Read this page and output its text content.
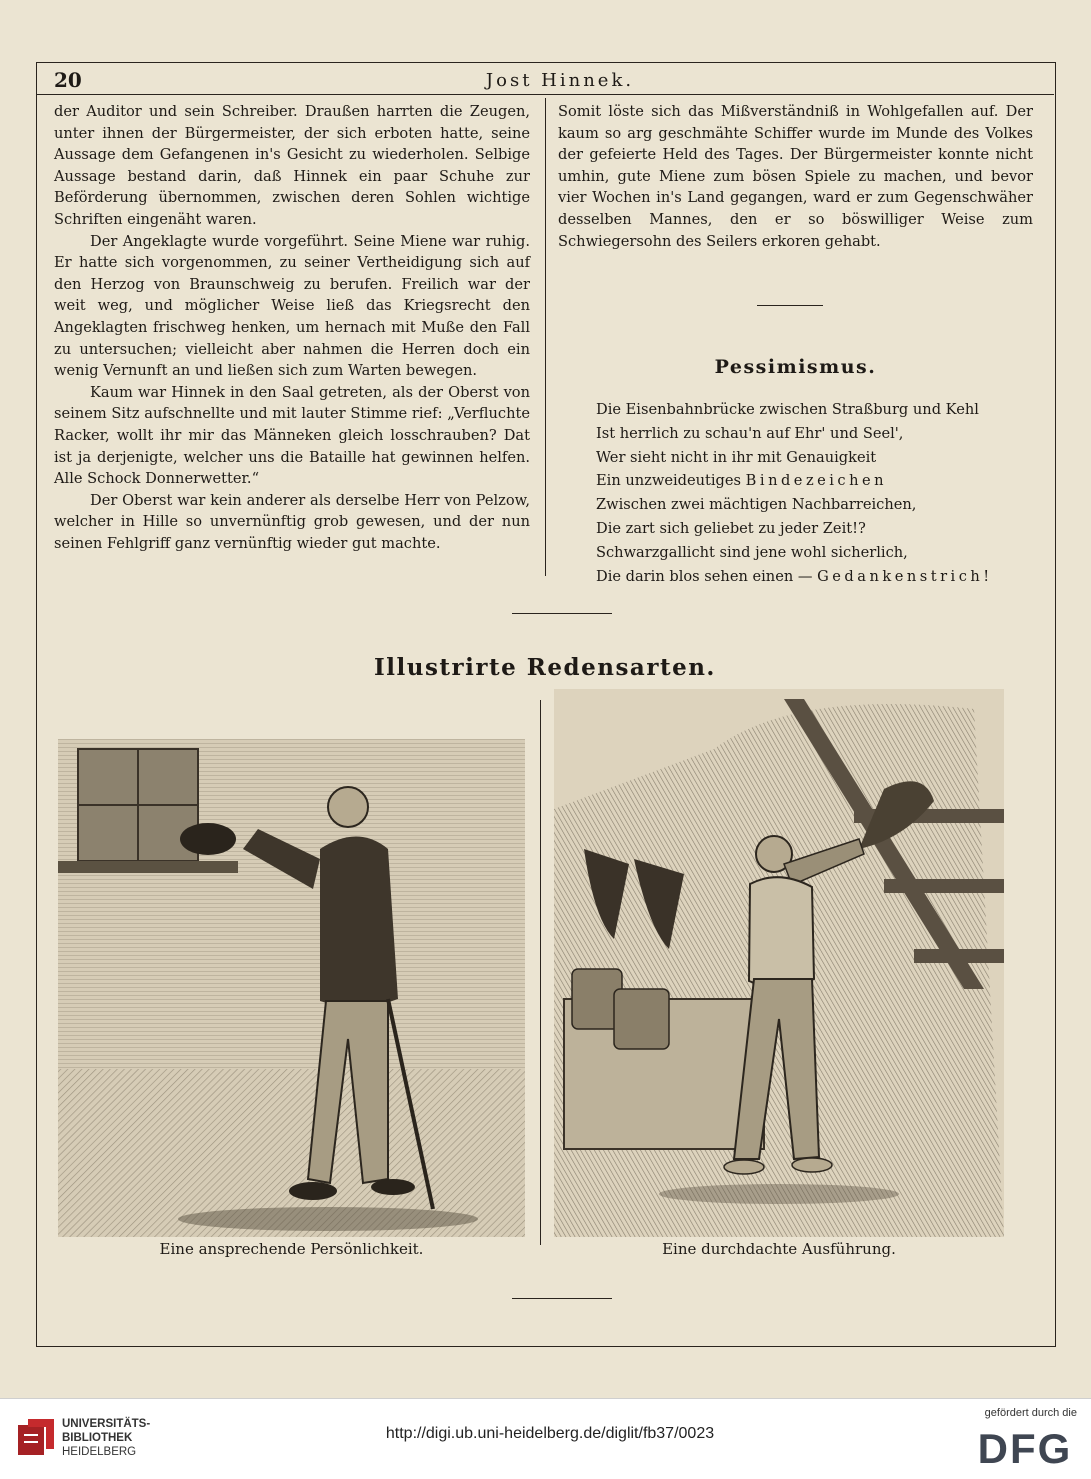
20	Jost Hinnek.

der Auditor und sein Schreiber. Draußen harrten die Zeugen, unter ihnen der Bürgermeister, der sich erboten hatte, seine Aussage dem Gefangenen in's Gesicht zu wiederholen. Selbige Aussage bestand darin, daß Hinnek ein paar Schuhe zur Beförderung übernommen, zwischen deren Sohlen wichtige Schriften eingenäht waren.

Der Angeklagte wurde vorgeführt. Seine Miene war ruhig. Er hatte sich vorgenommen, zu seiner Vertheidigung sich auf den Herzog von Braunschweig zu berufen. Freilich war der weit weg, und möglicher Weise ließ das Kriegsrecht den Angeklagten frischweg henken, um hernach mit Muße den Fall zu untersuchen; vielleicht aber nahmen die Herren doch ein wenig Vernunft an und ließen sich zum Warten bewegen.

Kaum war Hinnek in den Saal getreten, als der Oberst von seinem Sitz aufschnellte und mit lauter Stimme rief: „Verfluchte Racker, wollt ihr mir das Männeken gleich losschrauben? Dat ist ja derjenigte, welcher uns die Bataille hat gewinnen helfen. Alle Schock Donnerwetter.“

Der Oberst war kein anderer als derselbe Herr von Pelzow, welcher in Hille so unvernünftig grob gewesen, und der nun seinen Fehlgriff ganz vernünftig wieder gut machte.

Somit löste sich das Mißverständniß in Wohlgefallen auf. Der kaum so arg geschmähte Schiffer wurde im Munde des Volkes der gefeierte Held des Tages. Der Bürgermeister konnte nicht umhin, gute Miene zum bösen Spiele zu machen, und bevor vier Wochen in's Land gegangen, ward er zum Gegenschwäher desselben Mannes, den er so böswilliger Weise zum Schwiegersohn des Seilers erkoren gehabt.

Pessimismus.
Die Eisenbahnbrücke zwischen Straßburg und Kehl
Ist herrlich zu schau'n auf Ehr' und Seel',
Wer sieht nicht in ihr mit Genauigkeit
Ein unzweideutiges Bindezeichen
Zwischen zwei mächtigen Nachbarreichen,
Die zart sich geliebet zu jeder Zeit!?
Schwarzgallicht sind jene wohl sicherlich,
Die darin blos sehen einen — Gedankenstrich!
Illustrirte Redensarten.
Eine ansprechende Persönlichkeit.	Eine durchdachte Ausführung.
UNIVERSITÄTS-
BIBLIOTHEK
HEIDELBERG
http://digi.ub.uni-heidelberg.de/diglit/fb37/0023
gefördert durch die
DFG
